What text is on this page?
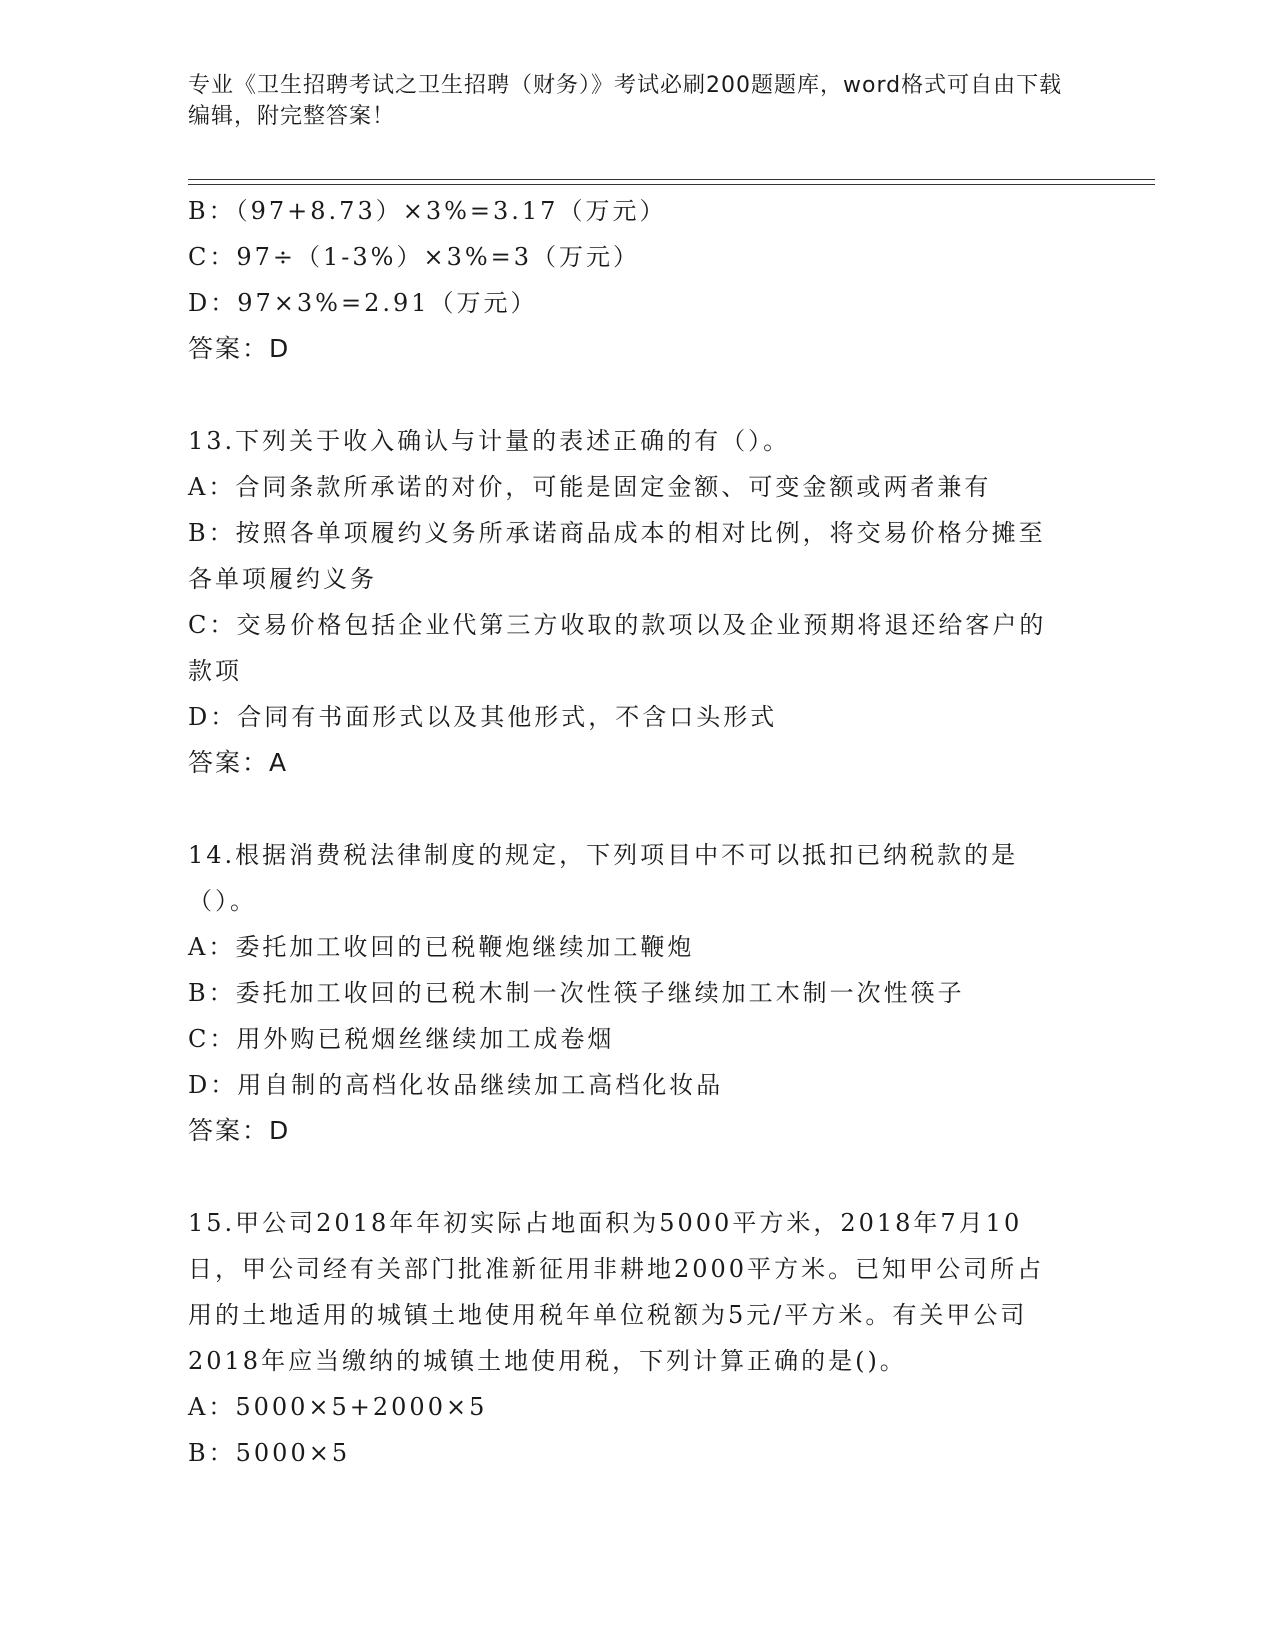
专业《卫生招聘考试之卫生招聘（财务）》考试必刷200题题库，word格式可自由下载编辑，附完整答案！
B：（97+8.73）×3%=3.17（万元）
C：97÷（1-3%）×3%=3（万元）
D：97×3%=2.91（万元）
答案：D
13.下列关于收入确认与计量的表述正确的有（）。
A：合同条款所承诺的对价，可能是固定金额、可变金额或两者兼有
B：按照各单项履约义务所承诺商品成本的相对比例，将交易价格分摊至各单项履约义务
C：交易价格包括企业代第三方收取的款项以及企业预期将退还给客户的款项
D：合同有书面形式以及其他形式，不含口头形式
答案：A
14.根据消费税法律制度的规定，下列项目中不可以抵扣已纳税款的是（）。
A：委托加工收回的已税鞭炮继续加工鞭炮
B：委托加工收回的已税木制一次性筷子继续加工木制一次性筷子
C：用外购已税烟丝继续加工成卷烟
D：用自制的高档化妆品继续加工高档化妆品
答案：D
15.甲公司2018年年初实际占地面积为5000平方米，2018年7月10日，甲公司经有关部门批准新征用非耕地2000平方米。已知甲公司所占用的土地适用的城镇土地使用税年单位税额为5元/平方米。有关甲公司2018年应当缴纳的城镇土地使用税，下列计算正确的是()。
A：5000×5+2000×5
B：5000×5
